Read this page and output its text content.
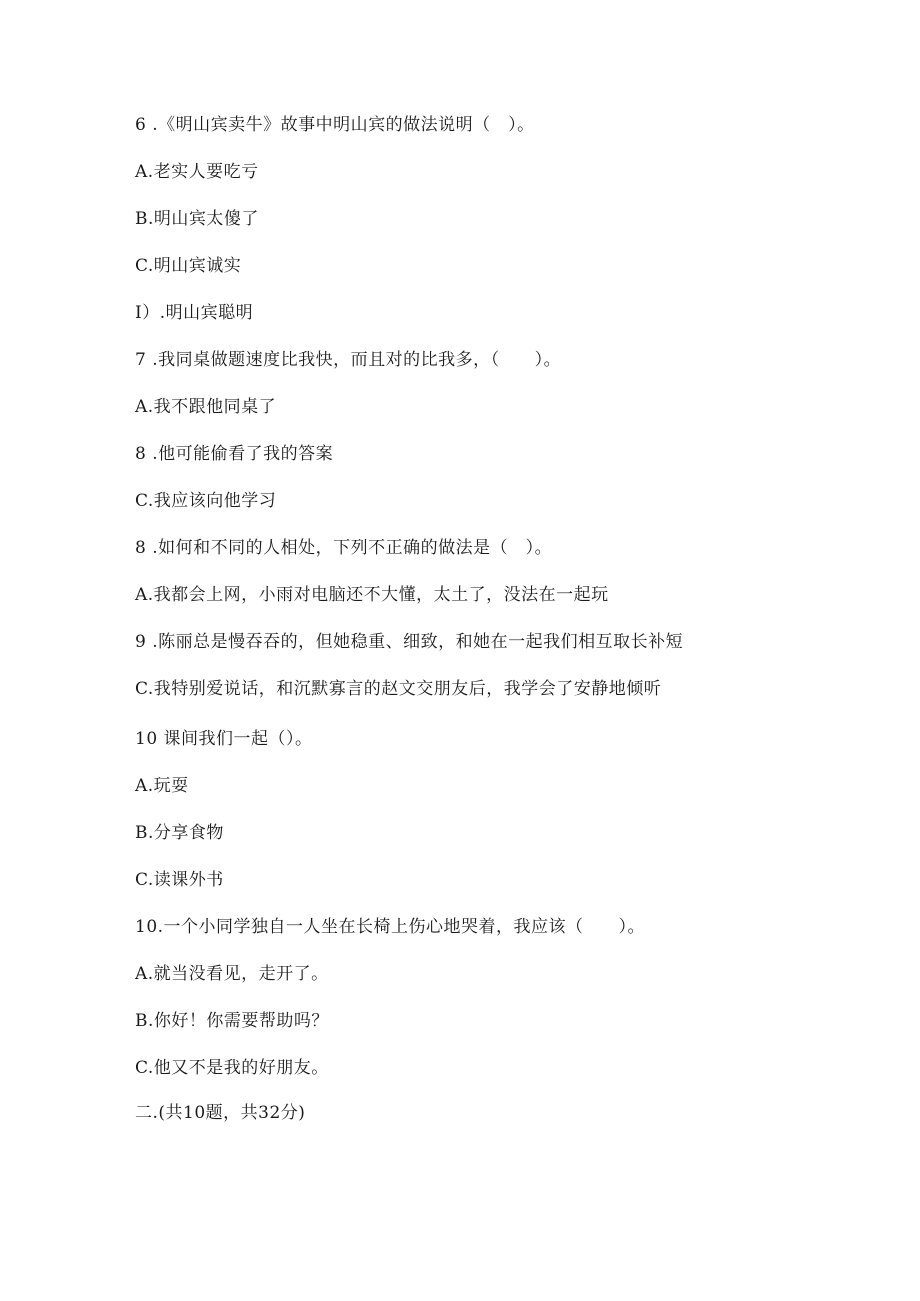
6 .《明山宾卖牛》故事中明山宾的做法说明（　）。

A.老实人要吃亏

B.明山宾太傻了

C.明山宾诚实

I）.明山宾聪明

7 .我同桌做题速度比我快，而且对的比我多，（　　）。

A.我不跟他同桌了

8 .他可能偷看了我的答案

C.我应该向他学习

8 .如何和不同的人相处，下列不正确的做法是（　）。

A.我都会上网，小雨对电脑还不大懂，太土了，没法在一起玩

9 .陈丽总是慢吞吞的，但她稳重、细致，和她在一起我们相互取长补短

C.我特别爱说话，和沉默寡言的赵文交朋友后，我学会了安静地倾听

10 课间我们一起（）。

A.玩耍

B.分享食物

C.读课外书

10.一个小同学独自一人坐在长椅上伤心地哭着，我应该（　　）。

A.就当没看见，走开了。

B.你好！你需要帮助吗？

C.他又不是我的好朋友。

二.(共10题，共32分)
